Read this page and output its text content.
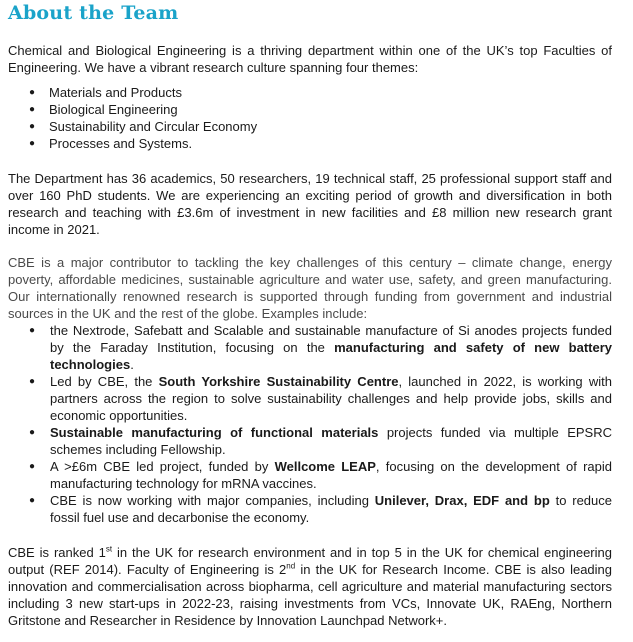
About the Team

Chemical and Biological Engineering is a thriving department within one of the UK’s top Faculties of Engineering. We have a vibrant research culture spanning four themes:

● Materials and Products
● Biological Engineering
● Sustainability and Circular Economy
● Processes and Systems.

The Department has 36 academics, 50 researchers, 19 technical staff, 25 professional support staff and over 160 PhD students. We are experiencing an exciting period of growth and diversification in both research and teaching with £3.6m of investment in new facilities and £8 million new research grant income in 2021.

CBE is a major contributor to tackling the key challenges of this century – climate change, energy poverty, affordable medicines, sustainable agriculture and water use, safety, and green manufacturing. Our internationally renowned research is supported through funding from government and industrial sources in the UK and the rest of the globe. Examples include:

● the Nextrode, Safebatt and Scalable and sustainable manufacture of Si anodes projects funded by the Faraday Institution, focusing on the manufacturing and safety of new battery technologies.
● Led by CBE, the South Yorkshire Sustainability Centre, launched in 2022, is working with partners across the region to solve sustainability challenges and help provide jobs, skills and economic opportunities.
● Sustainable manufacturing of functional materials projects funded via multiple EPSRC schemes including Fellowship.
● A >£6m CBE led project, funded by Wellcome LEAP, focusing on the development of rapid manufacturing technology for mRNA vaccines.
● CBE is now working with major companies, including Unilever, Drax, EDF and bp to reduce fossil fuel use and decarbonise the economy.

CBE is ranked 1st in the UK for research environment and in top 5 in the UK for chemical engineering output (REF 2014). Faculty of Engineering is 2nd in the UK for Research Income. CBE is also leading innovation and commercialisation across biopharma, cell agriculture and material manufacturing sectors including 3 new start-ups in 2022-23, raising investments from VCs, Innovate UK, RAEng, Northern Gritstone and Researcher in Residence by Innovation Launchpad Network+.
